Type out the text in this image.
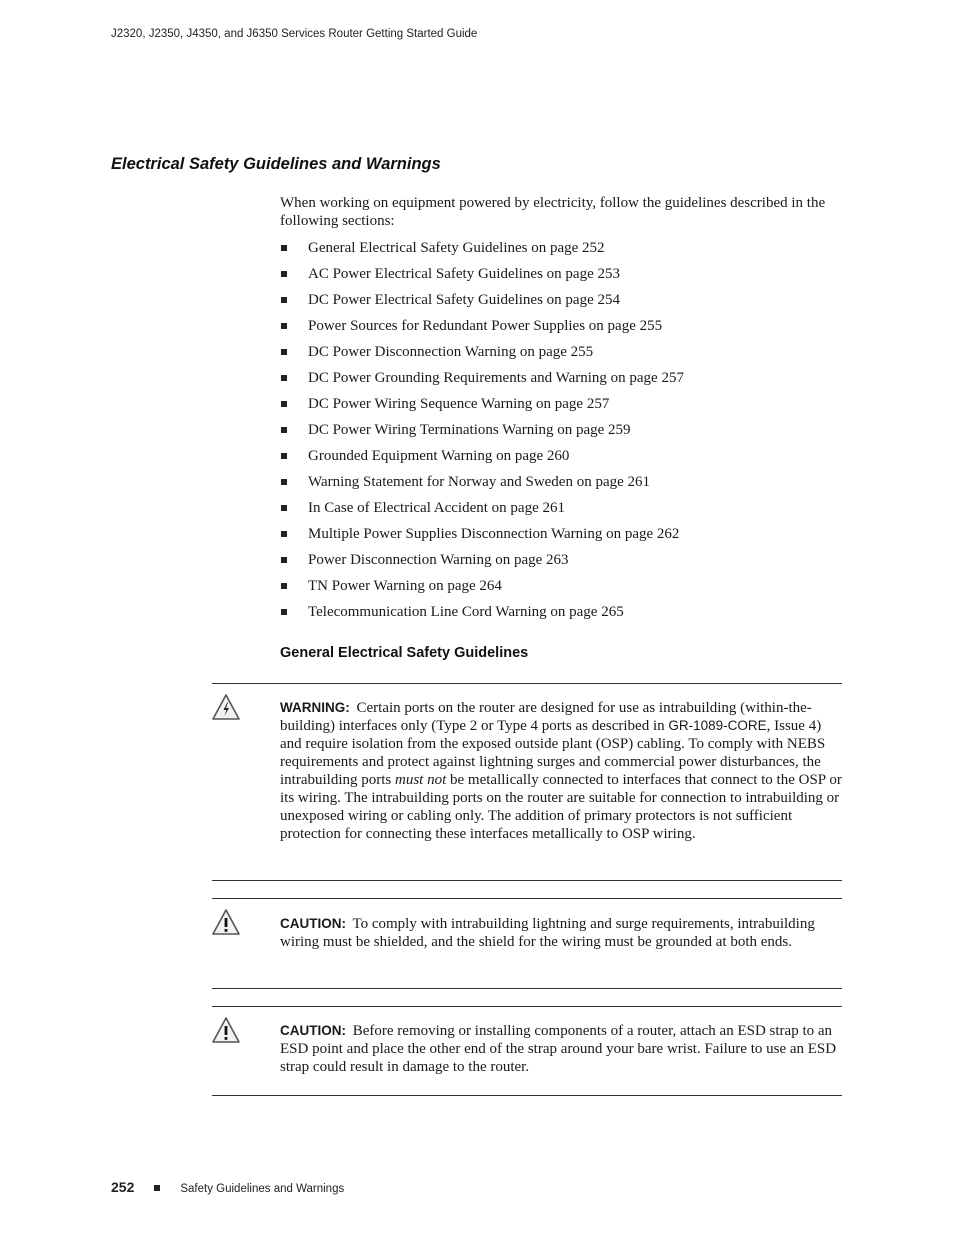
J2320, J2350, J4350, and J6350 Services Router Getting Started Guide
Electrical Safety Guidelines and Warnings

When working on equipment powered by electricity, follow the guidelines described in the following sections:

General Electrical Safety Guidelines on page 252
AC Power Electrical Safety Guidelines on page 253
DC Power Electrical Safety Guidelines on page 254
Power Sources for Redundant Power Supplies on page 255
DC Power Disconnection Warning on page 255
DC Power Grounding Requirements and Warning on page 257
DC Power Wiring Sequence Warning on page 257
DC Power Wiring Terminations Warning on page 259
Grounded Equipment Warning on page 260
Warning Statement for Norway and Sweden on page 261
In Case of Electrical Accident on page 261
Multiple Power Supplies Disconnection Warning on page 262
Power Disconnection Warning on page 263
TN Power Warning on page 264
Telecommunication Line Cord Warning on page 265
General Electrical Safety Guidelines

WARNING: Certain ports on the router are designed for use as intrabuilding (within-the-building) interfaces only (Type 2 or Type 4 ports as described in GR-1089-CORE, Issue 4) and require isolation from the exposed outside plant (OSP) cabling. To comply with NEBS requirements and protect against lightning surges and commercial power disturbances, the intrabuilding ports must not be metallically connected to interfaces that connect to the OSP or its wiring. The intrabuilding ports on the router are suitable for connection to intrabuilding or unexposed wiring or cabling only. The addition of primary protectors is not sufficient protection for connecting these interfaces metallically to OSP wiring.

CAUTION: To comply with intrabuilding lightning and surge requirements, intrabuilding wiring must be shielded, and the shield for the wiring must be grounded at both ends.

CAUTION: Before removing or installing components of a router, attach an ESD strap to an ESD point and place the other end of the strap around your bare wrist. Failure to use an ESD strap could result in damage to the router.

252	Safety Guidelines and Warnings
